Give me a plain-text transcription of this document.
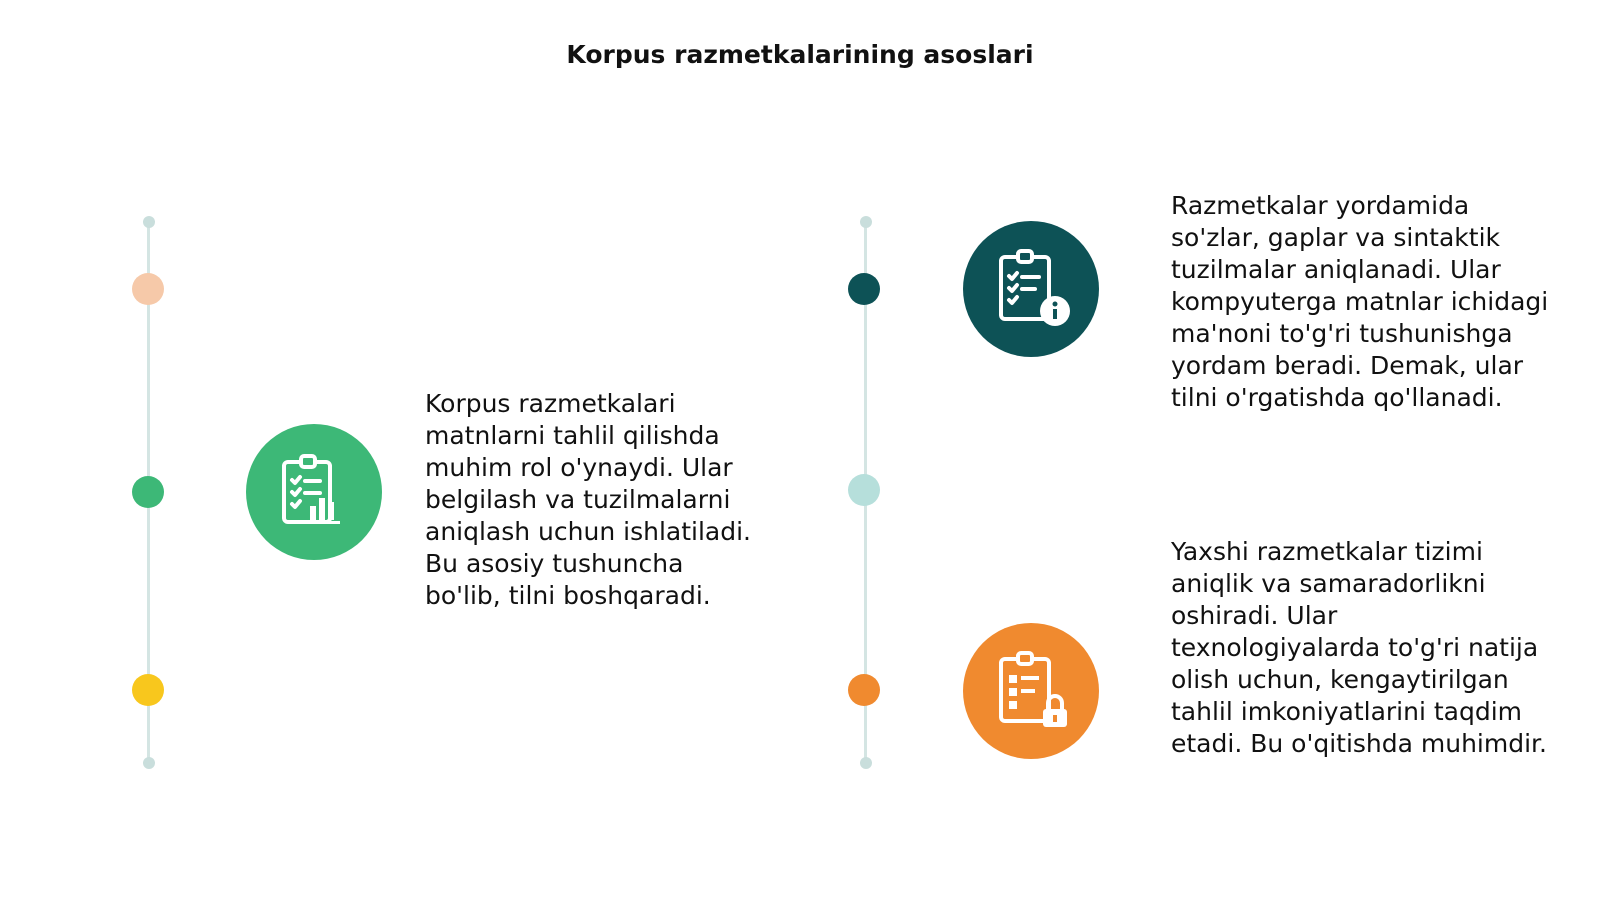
Korpus razmetkalarining asoslari

Korpus razmetkalari matnlarni tahlil qilishda muhim rol o'ynaydi. Ular belgilash va tuzilmalarni aniqlash uchun ishlatiladi. Bu asosiy tushuncha bo'lib, tilni boshqaradi.

Razmetkalar yordamida so'zlar, gaplar va sintaktik tuzilmalar aniqlanadi. Ular kompyuterga matnlar ichidagi ma'noni to'g'ri tushunishga yordam beradi. Demak, ular tilni o'rgatishda qo'llanadi.

Yaxshi razmetkalar tizimi aniqlik va samaradorlikni oshiradi. Ular texnologiyalarda to'g'ri natija olish uchun, kengaytirilgan tahlil imkoniyatlarini taqdim etadi. Bu o'qitishda muhimdir.
